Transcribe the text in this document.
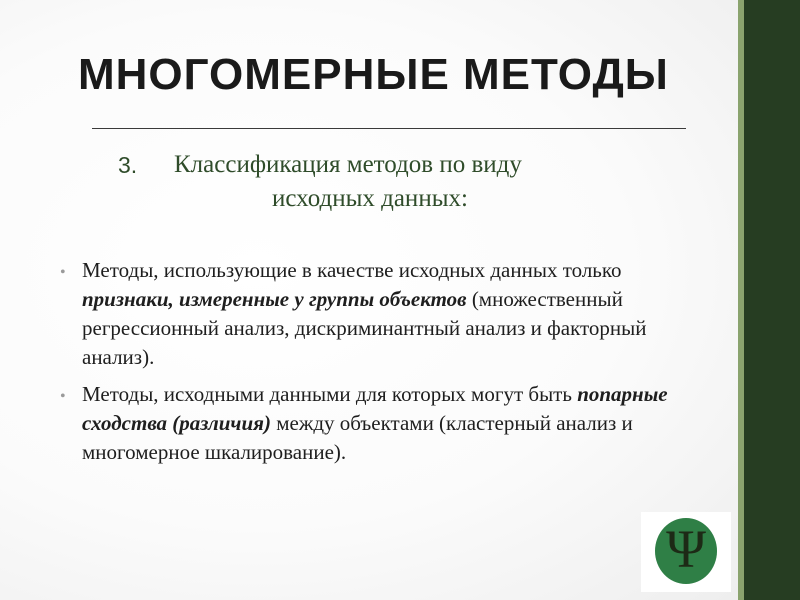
МНОГОМЕРНЫЕ МЕТОДЫ
3. Классификация методов по виду
исходных данных:
• Методы, использующие в качестве исходных данных только признаки, измеренные у группы объектов (множественный регрессионный анализ, дискриминантный анализ и факторный анализ).
• Методы, исходными данными для которых могут быть попарные сходства (различия) между объектами (кластерный анализ и многомерное шкалирование).
Ψ
